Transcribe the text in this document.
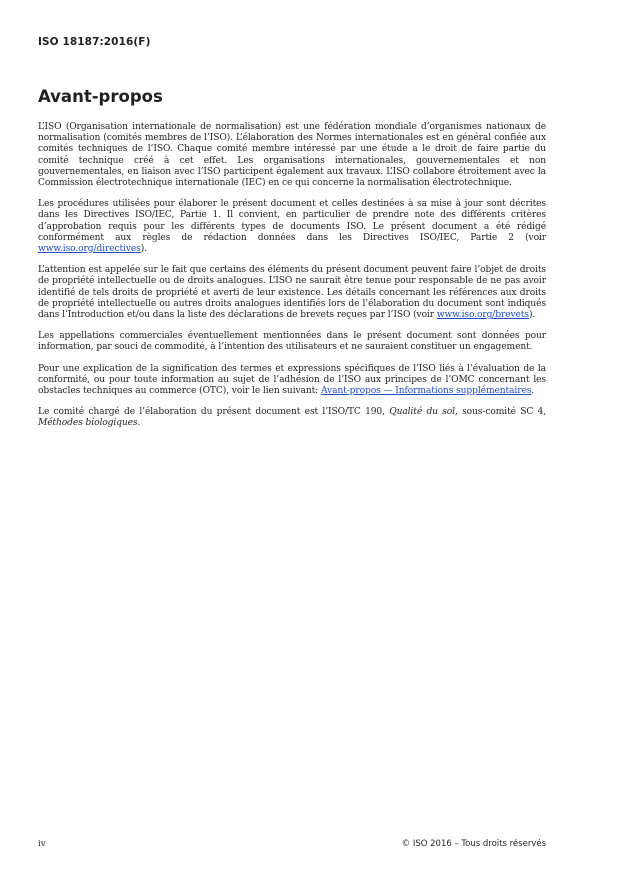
ISO 18187:2016(F)
Avant-propos

L’ISO (Organisation internationale de normalisation) est une fédération mondiale d’organismes nationaux de normalisation (comités membres de l’ISO). L’élaboration des Normes internationales est en général confiée aux comités techniques de l’ISO. Chaque comité membre intéressé par une étude a le droit de faire partie du comité technique créé à cet effet. Les organisations internationales, gouvernementales et non gouvernementales, en liaison avec l’ISO participent également aux travaux. L’ISO collabore étroitement avec la Commission électrotechnique internationale (IEC) en ce qui concerne la normalisation électrotechnique.

Les procédures utilisées pour élaborer le présent document et celles destinées à sa mise à jour sont décrites dans les Directives ISO/IEC, Partie 1. Il convient, en particulier de prendre note des différents critères d’approbation requis pour les différents types de documents ISO. Le présent document a été rédigé conformément aux règles de rédaction données dans les Directives ISO/IEC, Partie 2 (voir www.iso.org/directives).

L’attention est appelée sur le fait que certains des éléments du présent document peuvent faire l’objet de droits de propriété intellectuelle ou de droits analogues. L’ISO ne saurait être tenue pour responsable de ne pas avoir identifié de tels droits de propriété et averti de leur existence. Les détails concernant les références aux droits de propriété intellectuelle ou autres droits analogues identifiés lors de l’élaboration du document sont indiqués dans l’Introduction et/ou dans la liste des déclarations de brevets reçues par l’ISO (voir www.iso.org/brevets).

Les appellations commerciales éventuellement mentionnées dans le présent document sont données pour information, par souci de commodité, à l’intention des utilisateurs et ne sauraient constituer un engagement.

Pour une explication de la signification des termes et expressions spécifiques de l’ISO liés à l’évaluation de la conformité, ou pour toute information au sujet de l’adhésion de l’ISO aux principes de l’OMC concernant les obstacles techniques au commerce (OTC), voir le lien suivant: Avant-propos — Informations supplémentaires.

Le comité chargé de l’élaboration du présent document est l’ISO/TC 190, Qualité du sol, sous-comité SC 4, Méthodes biologiques.

iv	© ISO 2016 – Tous droits réservés
